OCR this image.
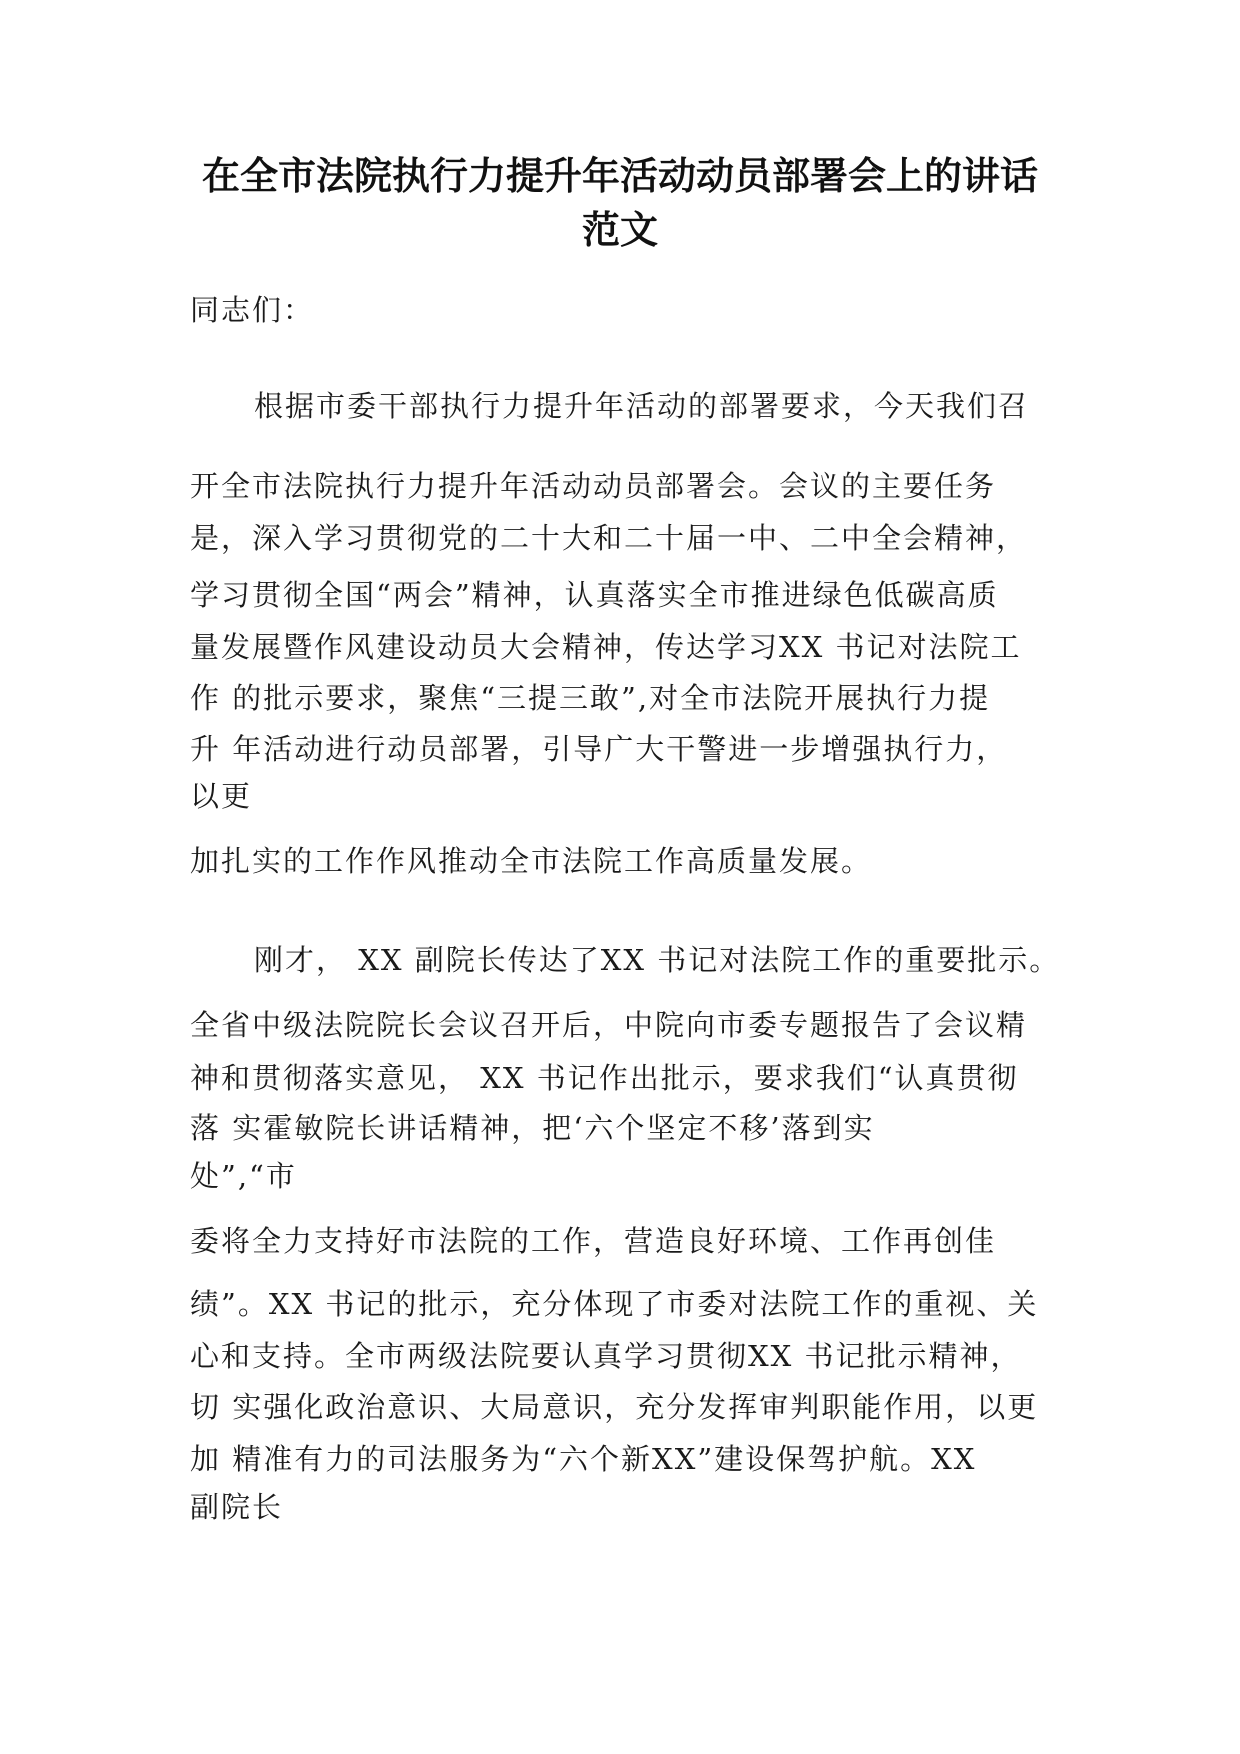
在全市法院执行力提升年活动动员部署会上的讲话
范文
同志们：
根据市委干部执行力提升年活动的部署要求，今天我们召
开全市法院执行力提升年活动动员部署会。会议的主要任务
是，深入学习贯彻党的二十大和二十届一中、二中全会精神，
学习贯彻全国“两会”精神，认真落实全市推进绿色低碳高质
量发展暨作风建设动员大会精神，传达学习XX 书记对法院工
作 的批示要求，聚焦“三提三敢”,对全市法院开展执行力提
升 年活动进行动员部署，引导广大干警进一步增强执行力，
以更
加扎实的工作作风推动全市法院工作高质量发展。
刚才， XX 副院长传达了XX 书记对法院工作的重要批示。
全省中级法院院长会议召开后，中院向市委专题报告了会议精
神和贯彻落实意见， XX 书记作出批示，要求我们“认真贯彻
落 实霍敏院长讲话精神，把‘六个坚定不移’落到实
处”,“市
委将全力支持好市法院的工作，营造良好环境、工作再创佳
绩”。XX 书记的批示，充分体现了市委对法院工作的重视、关
心和支持。全市两级法院要认真学习贯彻XX 书记批示精神，
切 实强化政治意识、大局意识，充分发挥审判职能作用，以更
加 精准有力的司法服务为“六个新XX”建设保驾护航。XX
副院长
